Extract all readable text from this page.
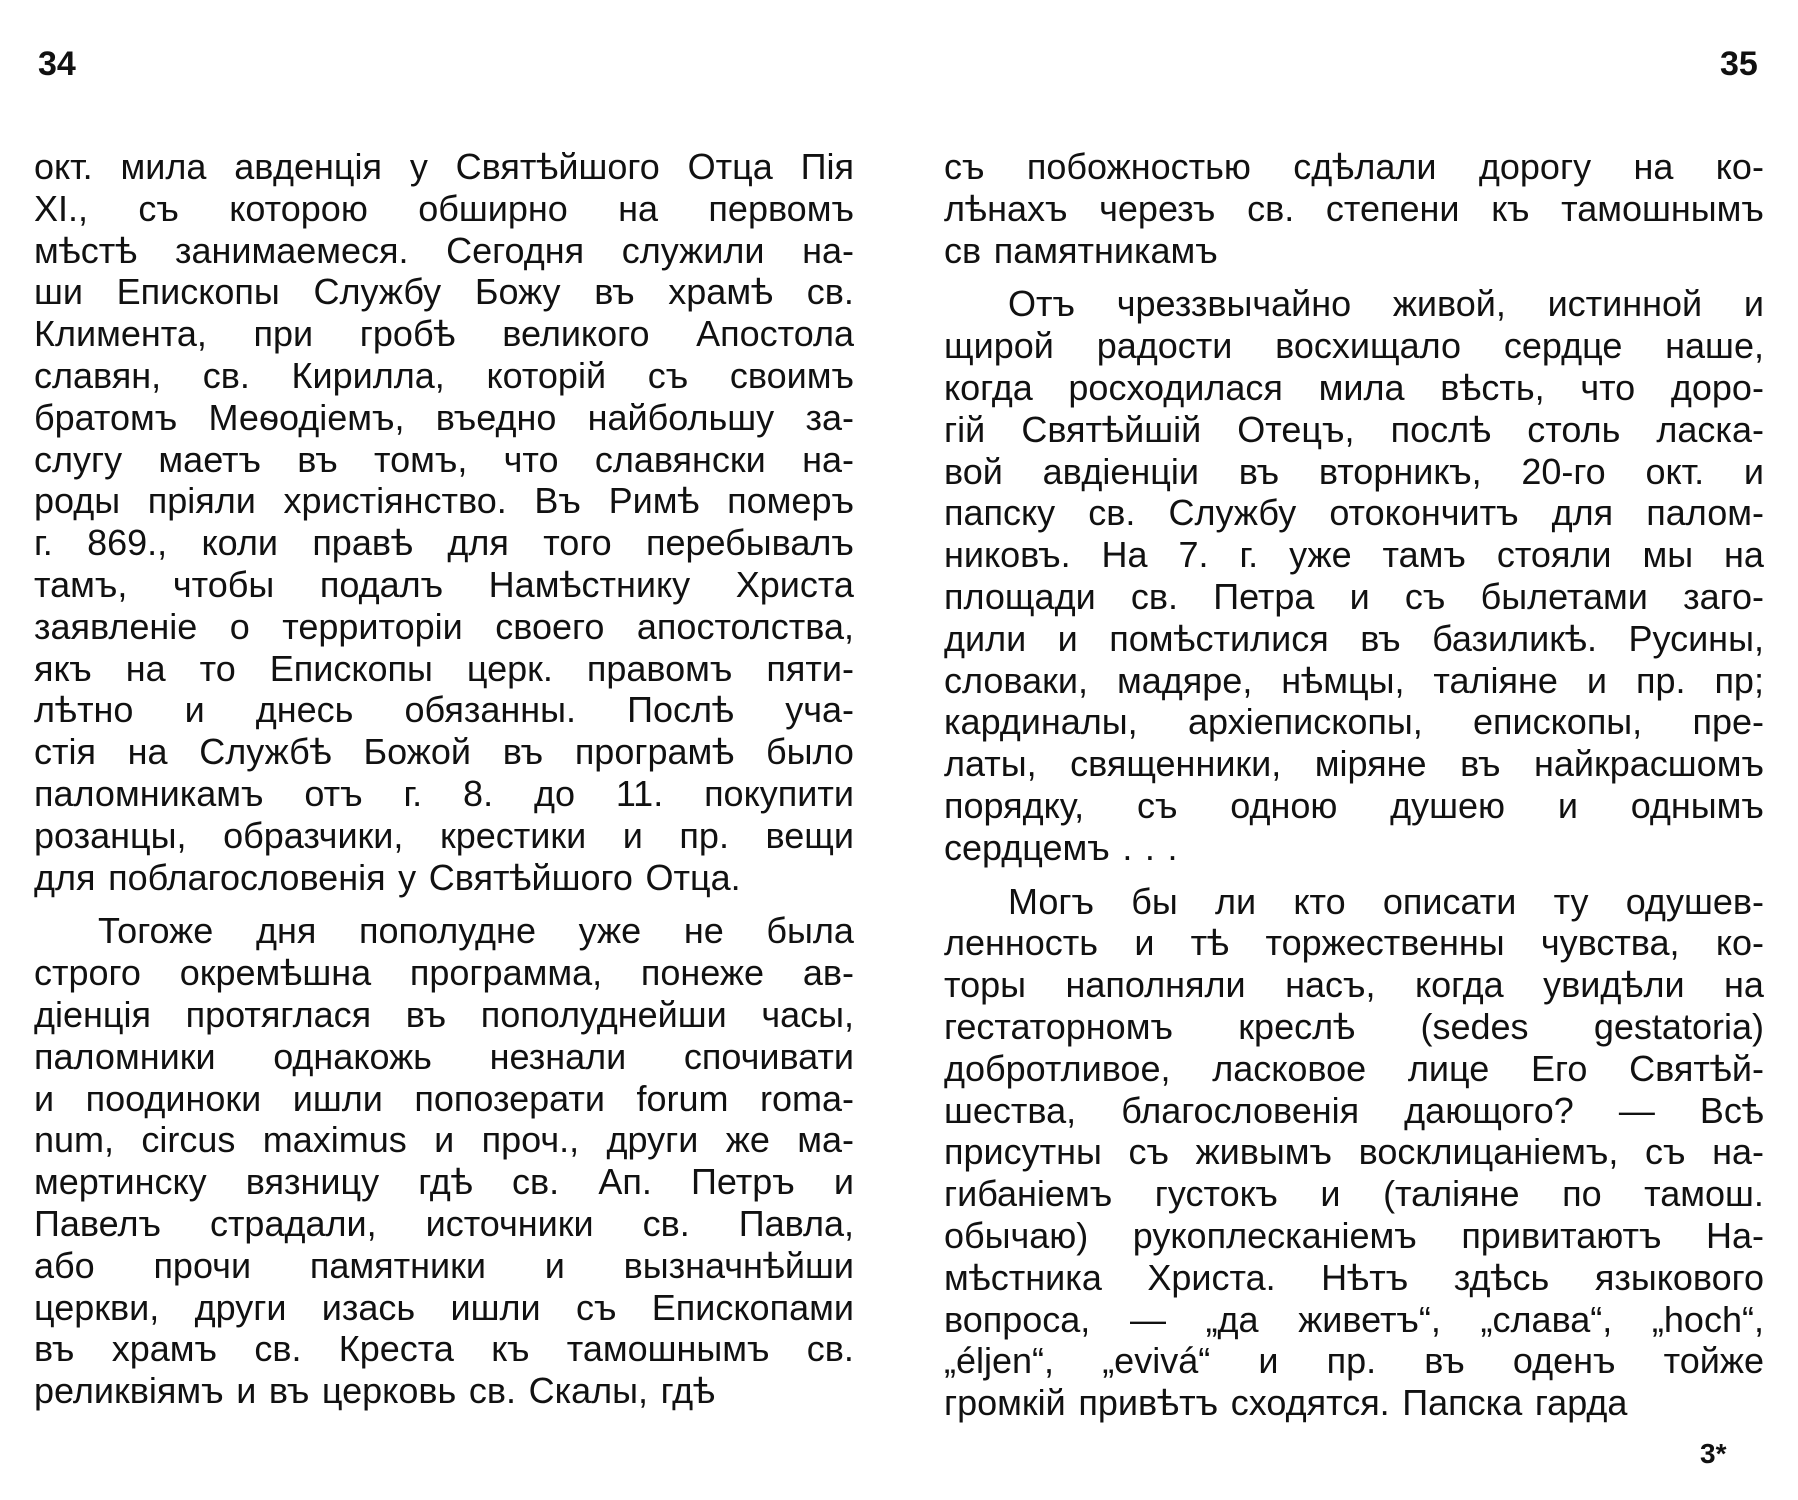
34	35
окт. мила авденція у Святѣйшого Отца Пія
XI., съ которою обширно на первомъ
мѣстѣ занимаемеся. Сегодня служили на-
ши Епископы Службу Божу въ храмѣ св.
Климента, при гробѣ великого Апостола
славян, св. Кирилла, которій съ своимъ
братомъ Меѳодіемъ, въедно найбольшу за-
слугу маетъ въ томъ, что славянски на-
роды пріяли христіянство. Въ Римѣ померъ
г. 869., коли правѣ для того перебывалъ
тамъ, чтобы подалъ Намѣстнику Христа
заявленіе о территоріи своего апостолства,
якъ на то Епископы церк. правомъ пяти-
лѣтно и днесь обязанны. Послѣ уча-
стія на Службѣ Божой въ програмѣ было
паломникамъ отъ г. 8. до 11. покупити
розанцы, образчики, крестики и пр. вещи
для поблагословенія у Святѣйшого Отца.
Тогоже дня пополудне уже не была
строго окремѣшна программа, понеже ав-
діенція протяглася въ пополуднейши часы,
паломники однакожь незнали спочивати
и поодиноки ишли попозерати forum roma-
num, circus maximus и проч., други же ма-
мертинску вязницу гдѣ св. Ап. Петръ и
Павелъ страдали, источники св. Павла,
або прочи памятники и вызначнѣйши
церкви, други изась ишли съ Епископами
въ храмъ св. Креста къ тамошнымъ св.
реликвіямъ и въ церковь св. Скалы, гдѣ
съ побожностью сдѣлали дорогу на ко-
лѣнахъ черезъ св. степени къ тамошнымъ
св памятникамъ
Отъ чреззвычайно живой, истинной и
щирой радости восхищало сердце наше,
когда росходилася мила вѣсть, что доро-
гій Святѣйшій Отецъ, послѣ столь ласка-
вой авдіенціи въ вторникъ, 20-го окт. и
папску св. Службу отокончитъ для палом-
никовъ. На 7. г. уже тамъ стояли мы на
площади св. Петра и съ былетами заго-
дили и помѣстилися въ базиликѣ. Русины,
словаки, мадяре, нѣмцы, таліяне и пр. пр;
кардиналы, архіепископы, епископы, пре-
латы, священники, міряне въ найкрасшомъ
порядку, съ одною душею и однымъ
сердцемъ . . .
Могъ бы ли кто описати ту одушев-
ленность и тѣ торжественны чувства, ко-
торы наполняли насъ, когда увидѣли на
гестаторномъ креслѣ (sedes gestatoria)
добротливое, ласковое лице Его Святѣй-
шества, благословенія дающого? — Всѣ
присутны съ живымъ восклицаніемъ, съ на-
гибаніемъ густокъ и (таліяне по тамош.
обычаю) рукоплесканіемъ привитаютъ На-
мѣстника Христа. Нѣтъ здѣсь языкового
вопроса, — „да живетъ“, „слава“, „hoch“,
„éljen“, „evivá“ и пр. въ оденъ тойже
громкій привѣтъ сходятся. Папска гарда
3*
